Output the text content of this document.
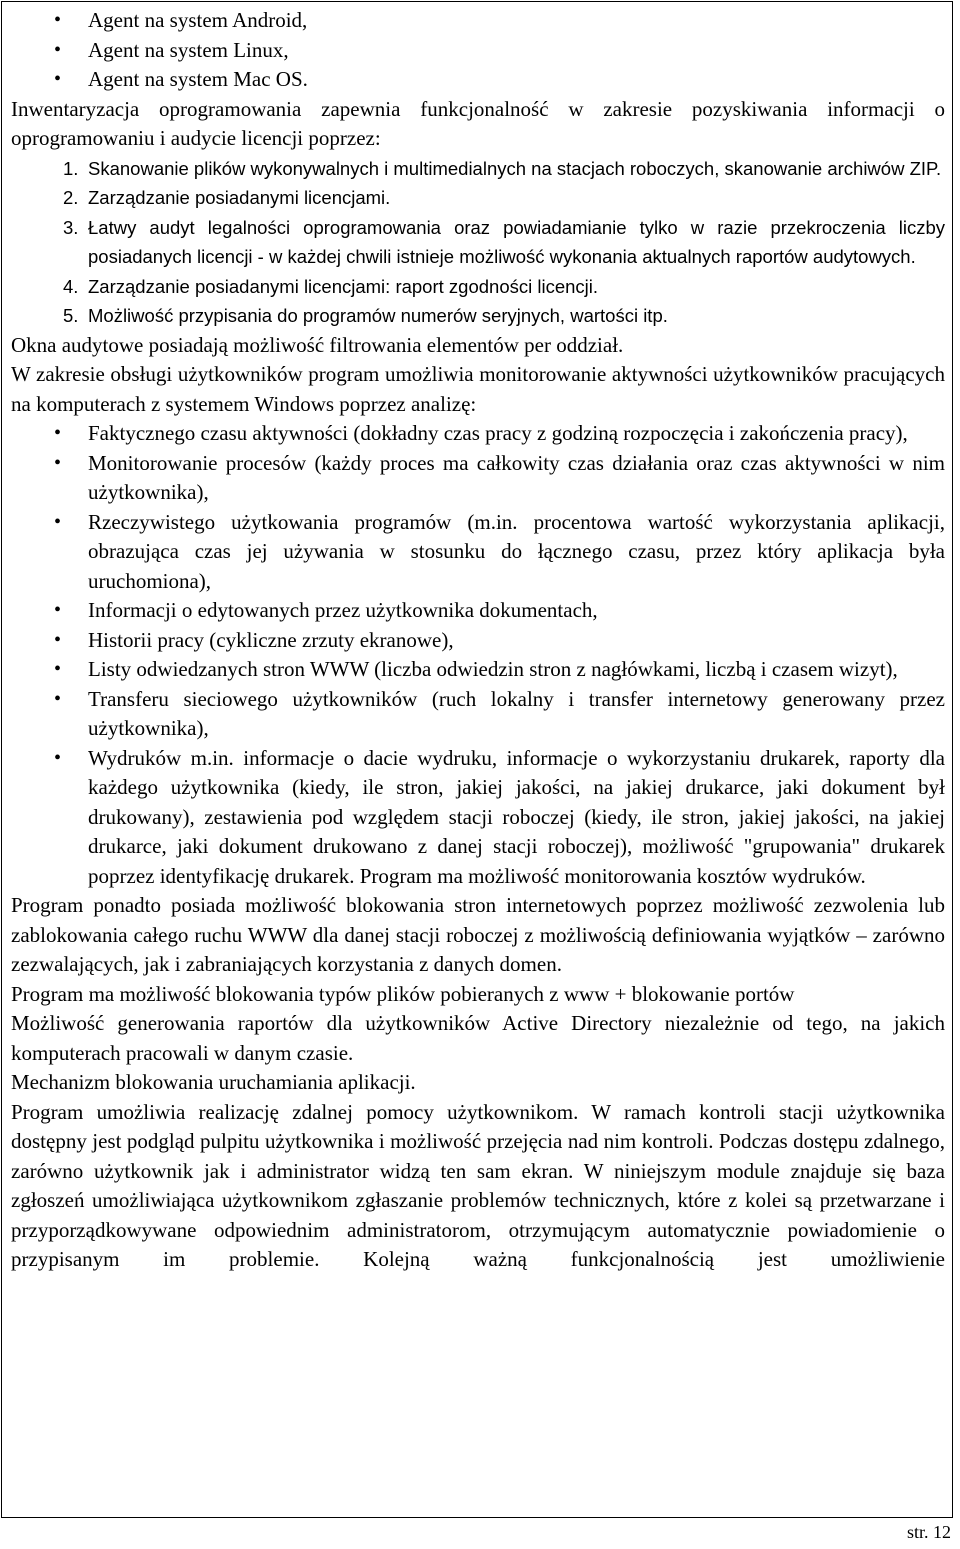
• Agent na system Android,
• Agent na system Linux,
• Agent na system Mac OS.

Inwentaryzacja oprogramowania zapewnia funkcjonalność w zakresie pozyskiwania informacji o oprogramowaniu i audycie licencji poprzez:

1. Skanowanie plików wykonywalnych i multimedialnych na stacjach roboczych, skanowanie archiwów ZIP.
2. Zarządzanie posiadanymi licencjami.
3. Łatwy audyt legalności oprogramowania oraz powiadamianie tylko w razie przekroczenia liczby posiadanych licencji - w każdej chwili istnieje możliwość wykonania aktualnych raportów audytowych.
4. Zarządzanie posiadanymi licencjami: raport zgodności licencji.
5. Możliwość przypisania do programów numerów seryjnych, wartości itp.

Okna audytowe posiadają możliwość filtrowania elementów per oddział.

W zakresie obsługi użytkowników program umożliwia monitorowanie aktywności użytkowników pracujących na komputerach z systemem Windows poprzez analizę:

• Faktycznego czasu aktywności (dokładny czas pracy z godziną rozpoczęcia i zakończenia pracy),
• Monitorowanie procesów (każdy proces ma całkowity czas działania oraz czas aktywności w nim użytkownika),
• Rzeczywistego użytkowania programów (m.in. procentowa wartość wykorzystania aplikacji, obrazująca czas jej używania w stosunku do łącznego czasu, przez który aplikacja była uruchomiona),
• Informacji o edytowanych przez użytkownika dokumentach,
• Historii pracy (cykliczne zrzuty ekranowe),
• Listy odwiedzanych stron WWW (liczba odwiedzin stron z nagłówkami, liczbą i czasem wizyt),
• Transferu sieciowego użytkowników (ruch lokalny i transfer internetowy generowany przez użytkownika),
• Wydruków m.in. informacje o dacie wydruku, informacje o wykorzystaniu drukarek, raporty dla każdego użytkownika (kiedy, ile stron, jakiej jakości, na jakiej drukarce, jaki dokument był drukowany), zestawienia pod względem stacji roboczej (kiedy, ile stron, jakiej jakości, na jakiej drukarce, jaki dokument drukowano z danej stacji roboczej), możliwość "grupowania" drukarek poprzez identyfikację drukarek. Program ma możliwość monitorowania kosztów wydruków.

Program ponadto posiada możliwość blokowania stron internetowych poprzez możliwość zezwolenia lub zablokowania całego ruchu WWW dla danej stacji roboczej z możliwością definiowania wyjątków – zarówno zezwalających, jak i zabraniających korzystania z danych domen.

Program ma możliwość blokowania typów plików pobieranych z www + blokowanie portów

Możliwość generowania raportów dla użytkowników Active Directory niezależnie od tego, na jakich komputerach pracowali w danym czasie.

Mechanizm blokowania uruchamiania aplikacji.

Program umożliwia realizację zdalnej pomocy użytkownikom. W ramach kontroli stacji użytkownika dostępny jest podgląd pulpitu użytkownika i możliwość przejęcia nad nim kontroli. Podczas dostępu zdalnego, zarówno użytkownik jak i administrator widzą ten sam ekran. W niniejszym module znajduje się baza zgłoszeń umożliwiająca użytkownikom zgłaszanie problemów technicznych, które z kolei są przetwarzane i przyporządkowywane odpowiednim administratorom, otrzymującym automatycznie powiadomienie o przypisanym im problemie. Kolejną ważną funkcjonalnością jest umożliwienie

str. 12
